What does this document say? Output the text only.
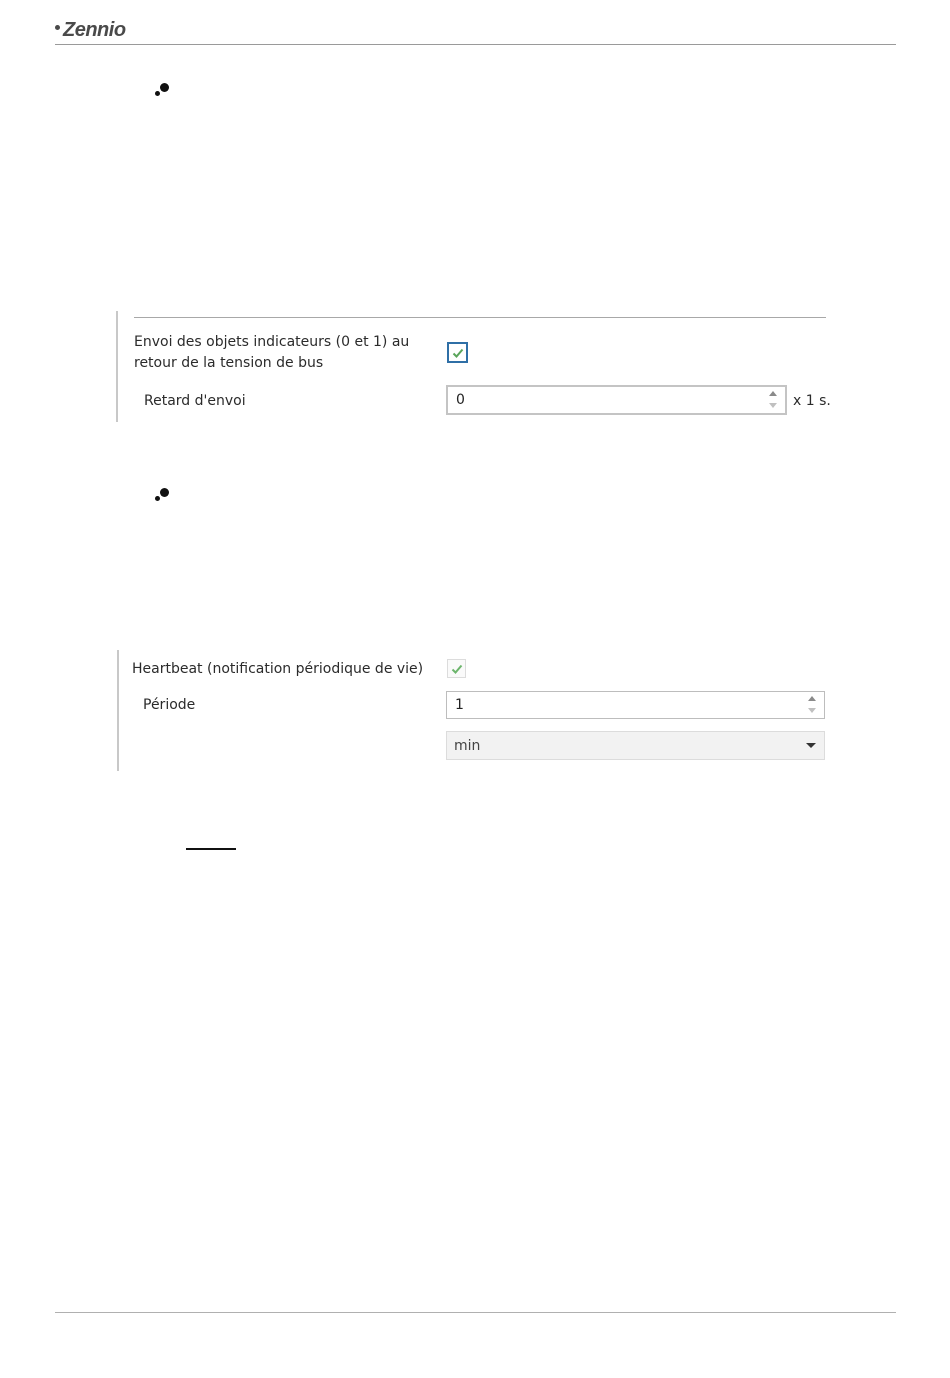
Zennio
Envoi des objets indicateurs (0 et 1) au
retour de la tension de bus
Retard d'envoi	0	x 1 s.
Heartbeat (notification périodique de vie)
Période	1
min
